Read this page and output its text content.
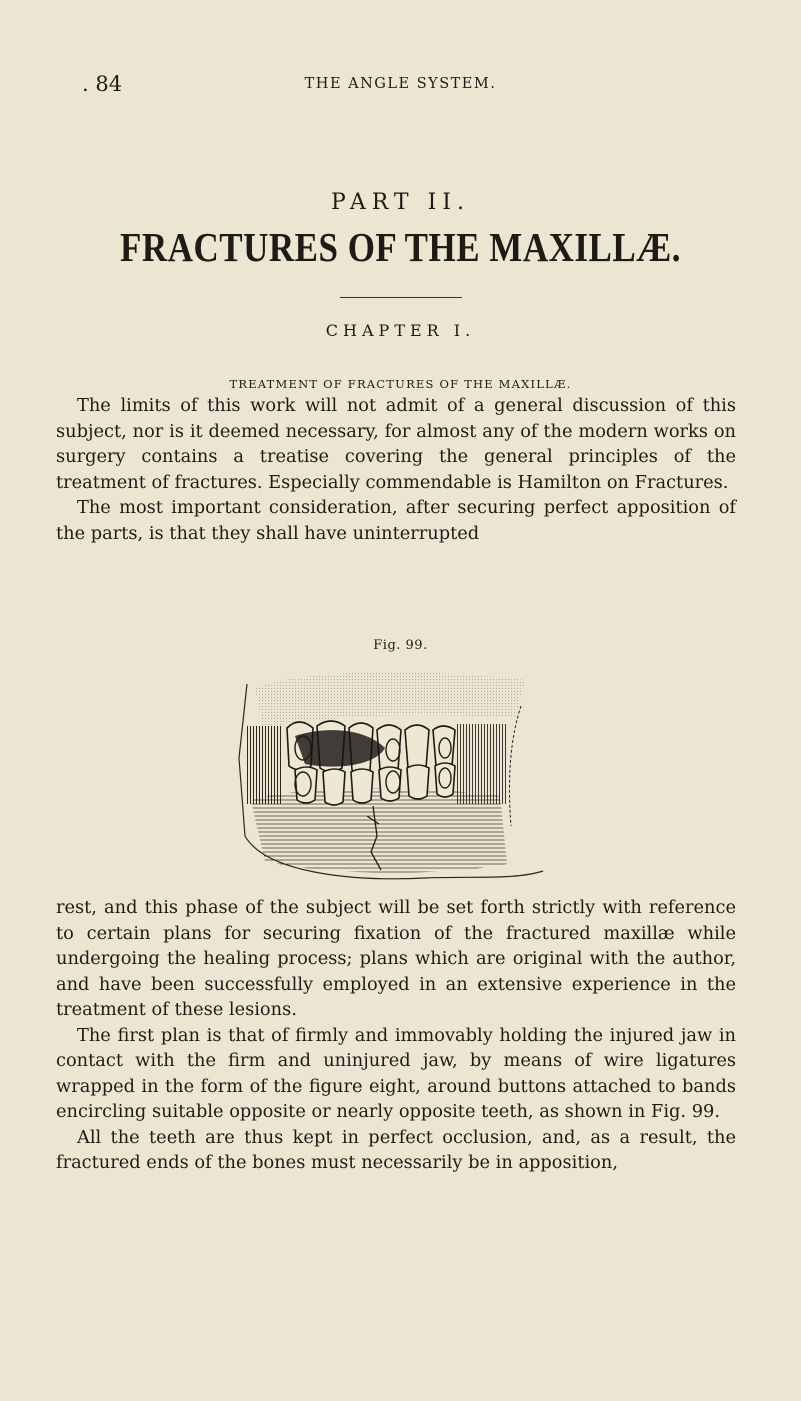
. 84	THE ANGLE SYSTEM.
PART II.
FRACTURES OF THE MAXILLÆ.
CHAPTER I.
TREATMENT OF FRACTURES OF THE MAXILLÆ.

The limits of this work will not admit of a general discussion of this subject, nor is it deemed necessary, for almost any of the modern works on surgery contains a treatise covering the general principles of the treatment of fractures. Especially commendable is Hamilton on Fractures.

The most important consideration, after securing perfect apposition of the parts, is that they shall have uninterrupted

Fig. 99.

rest, and this phase of the subject will be set forth strictly with reference to certain plans for securing fixation of the fractured maxillæ while undergoing the healing process; plans which are original with the author, and have been successfully employed in an extensive experience in the treatment of these lesions.

The first plan is that of firmly and immovably holding the injured jaw in contact with the firm and uninjured jaw, by means of wire ligatures wrapped in the form of the figure eight, around buttons attached to bands encircling suitable opposite or nearly opposite teeth, as shown in Fig. 99.

All the teeth are thus kept in perfect occlusion, and, as a result, the fractured ends of the bones must necessarily be in apposition,
